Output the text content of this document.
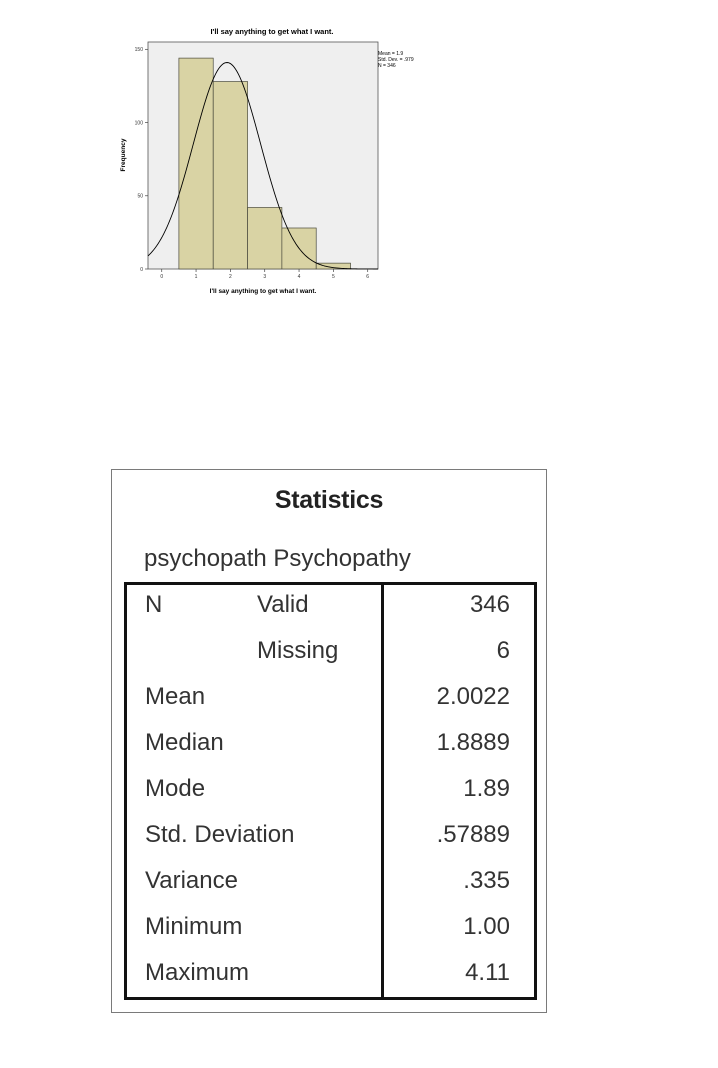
I'll say anything to get what I want.
0	1	2	3	4	5	6
0
50
100
150
I'll say anything to get what I want.
Frequency
Mean = 1.9
Std. Dev. = .979
N = 346
Statistics
psychopath Psychopathy
N	Valid	346
Missing	6
Mean	2.0022
Median	1.8889
Mode	1.89
Std. Deviation	.57889
Variance	.335
Minimum	1.00
Maximum	4.11
